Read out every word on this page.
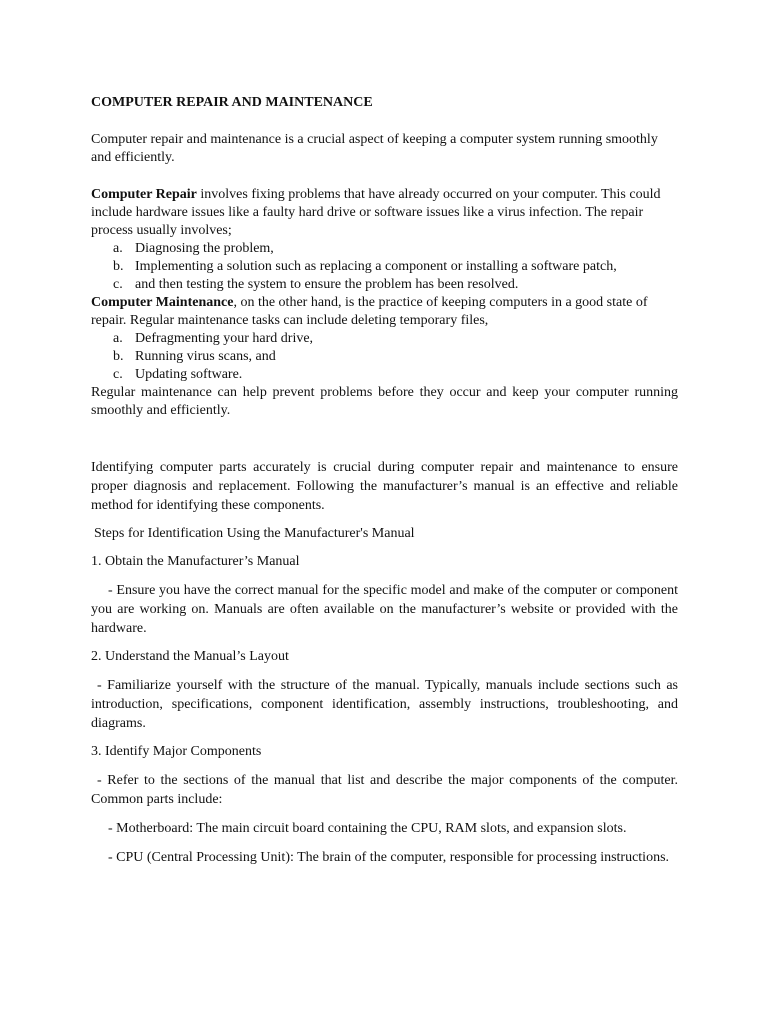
COMPUTER REPAIR AND MAINTENANCE

Computer repair and maintenance is a crucial aspect of keeping a computer system running smoothly and efficiently.

Computer Repair involves fixing problems that have already occurred on your computer. This could include hardware issues like a faulty hard drive or software issues like a virus infection. The repair process usually involves;

a. Diagnosing the problem,
b. Implementing a solution such as replacing a component or installing a software patch,
c. and then testing the system to ensure the problem has been resolved.

Computer Maintenance, on the other hand, is the practice of keeping computers in a good state of repair. Regular maintenance tasks can include deleting temporary files,

a. Defragmenting your hard drive,
b. Running virus scans, and
c. Updating software.

Regular maintenance can help prevent problems before they occur and keep your computer running smoothly and efficiently.

Identifying computer parts accurately is crucial during computer repair and maintenance to ensure proper diagnosis and replacement. Following the manufacturer’s manual is an effective and reliable method for identifying these components.

Steps for Identification Using the Manufacturer's Manual

1. Obtain the Manufacturer’s Manual

- Ensure you have the correct manual for the specific model and make of the computer or component you are working on. Manuals are often available on the manufacturer’s website or provided with the hardware.

2. Understand the Manual’s Layout

- Familiarize yourself with the structure of the manual. Typically, manuals include sections such as introduction, specifications, component identification, assembly instructions, troubleshooting, and diagrams.

3. Identify Major Components

- Refer to the sections of the manual that list and describe the major components of the computer. Common parts include:

- Motherboard: The main circuit board containing the CPU, RAM slots, and expansion slots.

- CPU (Central Processing Unit): The brain of the computer, responsible for processing instructions.
